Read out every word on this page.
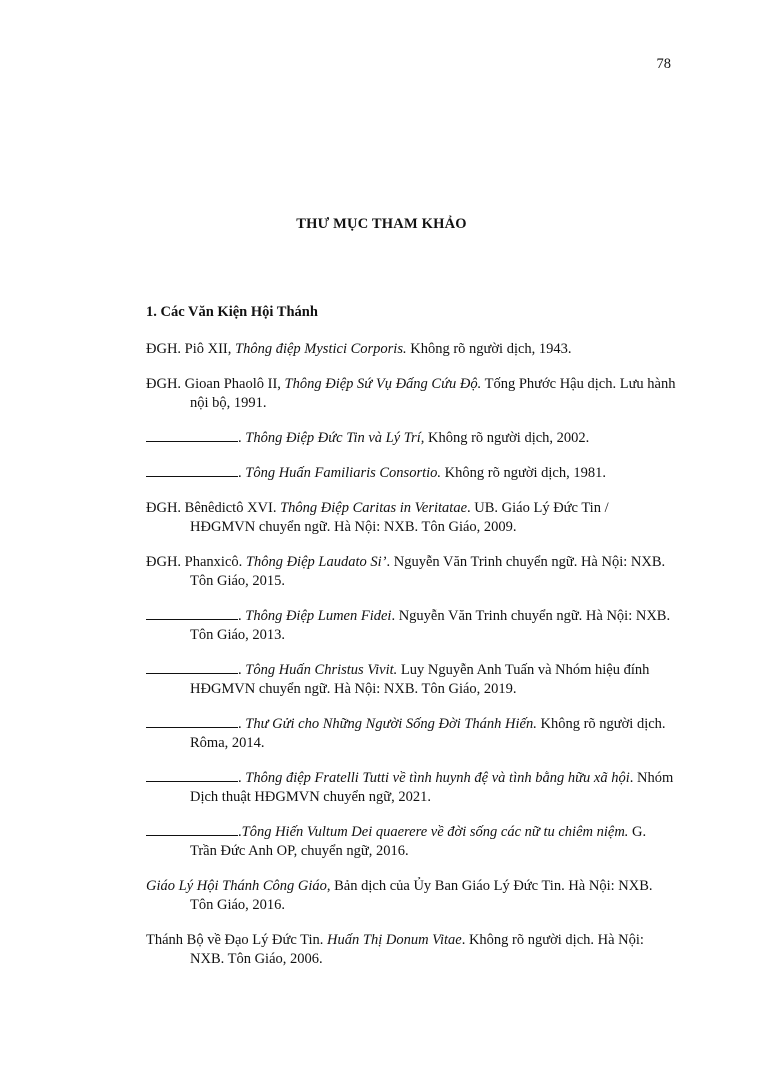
78
THƯ MỤC THAM KHẢO
1. Các Văn Kiện Hội Thánh

ĐGH. Piô XII, Thông điệp Mystici Corporis. Không rõ người dịch, 1943.

ĐGH. Gioan Phaolô II, Thông Điệp Sứ Vụ Đấng Cứu Độ. Tống Phước Hậu dịch. Lưu hành nội bộ, 1991.

. Thông Điệp Đức Tin và Lý Trí, Không rõ người dịch, 2002.

. Tông Huấn Familiaris Consortio. Không rõ người dịch, 1981.

ĐGH. Bênêdictô XVI. Thông Điệp Caritas in Veritatae. UB. Giáo Lý Đức Tin / HĐGMVN chuyển ngữ. Hà Nội: NXB. Tôn Giáo, 2009.

ĐGH. Phanxicô. Thông Điệp Laudato Si’. Nguyễn Văn Trinh chuyển ngữ. Hà Nội: NXB. Tôn Giáo, 2015.

. Thông Điệp Lumen Fidei. Nguyễn Văn Trinh chuyển ngữ. Hà Nội: NXB. Tôn Giáo, 2013.

. Tông Huấn Christus Vivit. Luy Nguyễn Anh Tuấn và Nhóm hiệu đính HĐGMVN chuyển ngữ. Hà Nội: NXB. Tôn Giáo, 2019.

. Thư Gửi cho Những Người Sống Đời Thánh Hiến. Không rõ người dịch. Rôma, 2014.

. Thông điệp Fratelli Tutti về tình huynh đệ và tình bằng hữu xã hội. Nhóm Dịch thuật HĐGMVN chuyển ngữ, 2021.

.Tông Hiến Vultum Dei quaerere về đời sống các nữ tu chiêm niệm. G. Trần Đức Anh OP, chuyển ngữ, 2016.

Giáo Lý Hội Thánh Công Giáo, Bản dịch của Ủy Ban Giáo Lý Đức Tin. Hà Nội: NXB. Tôn Giáo, 2016.

Thánh Bộ về Đạo Lý Đức Tin. Huấn Thị Donum Vitae. Không rõ người dịch. Hà Nội: NXB. Tôn Giáo, 2006.
